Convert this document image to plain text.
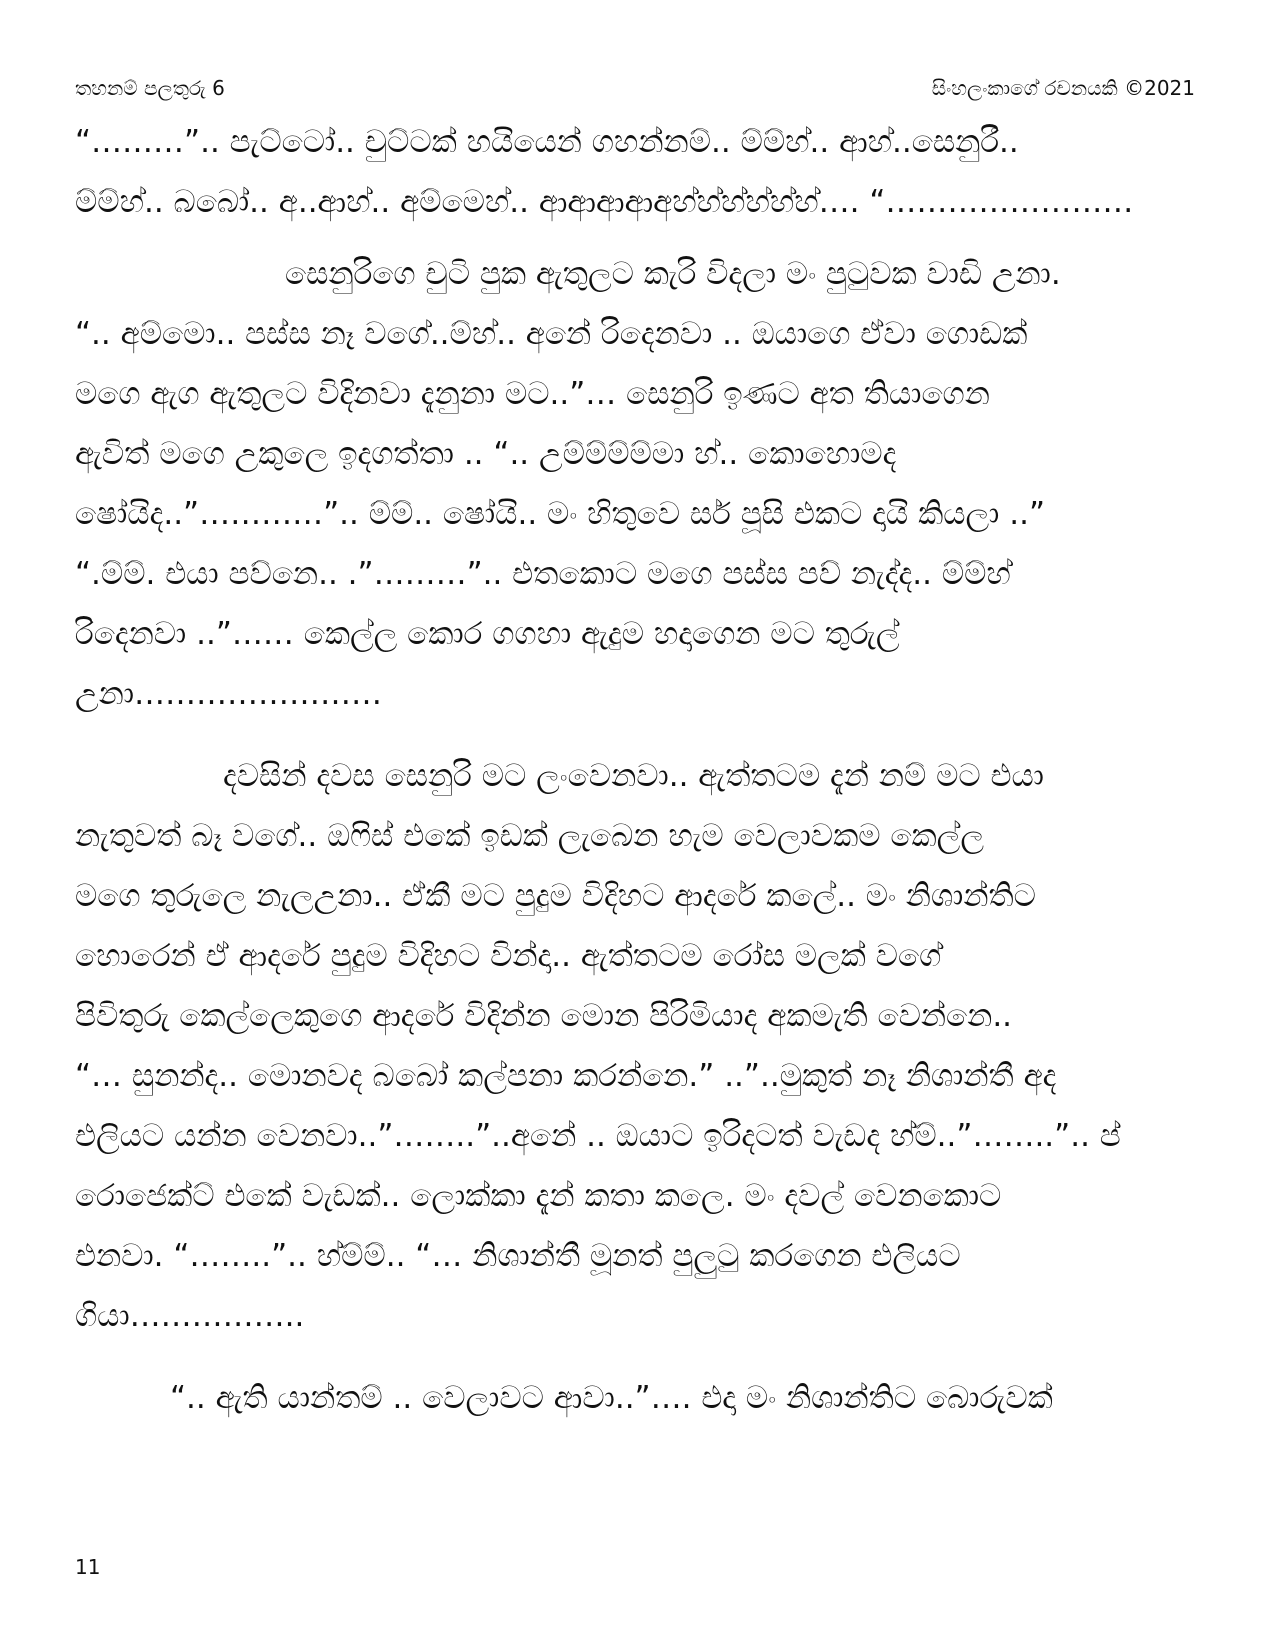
තහනම් පලතුරු 6	සිංහලංකාගේ රචනයකි ©2021
“………”.. පැට්ටෝ.. චුට්ටක් හයියෙන් ගහන්නම්.. ම්ම්හ්.. ආහ්..සෙනුරී..
ම්ම්හ්.. බබෝ.. අ..ආහ්.. අම්මෙහ්.. ආආආආඅහ්හ්හ්හ්හ්හ්…. “……………………
සෙනුරිගෙ චුටි පුක ඇතුලට කැරි විදලා මං පුටුවක වාඩි උනා.
“.. අම්මො.. පස්ස නෑ වගේ..ම්හ්.. අනේ රිදෙනවා .. ඔයාගෙ ඒවා ගොඩක්
මගෙ ඇග ඇතුලට විදිනවා දැනුනා මට..”… සෙනුරි ඉණට අත තියාගෙන
ඇවිත් මගෙ උකුලෙ ඉදගත්තා .. “.. උම්ම්ම්ම්මා හ්.. කොහොමද
ෂෝයිද..”…………”.. ම්ම්.. ෂෝයි.. මං හිතුවෙ සර් පූසි එකට දායි කියලා ..”
“.ම්ම්. එයා පව්නෙ.. .”………”.. එතකොට මගෙ පස්ස පව් නැද්ද.. ම්ම්හ්
රිදෙනවා ..”…… කෙල්ල කොර ගගහා ඇදුම හදාගෙන මට තුරුල්
උනා……………………
දවසින් දවස සෙනුරි මට ලංවෙනවා.. ඇත්තටම දැන් නම් මට එයා
නැතුවත් බෑ වගේ.. ඔෆිස් එකේ ඉඩක් ලැබෙන හැම වෙලාවකම කෙල්ල
මගෙ තුරුලෙ නැලඋනා.. ඒකී මට පුදුම විදිහට ආදරේ කලේ.. මං නිශාන්තිට
හොරෙන් ඒ ආදරේ පුදුම විදිහට වින්දා.. ඇත්තටම රෝස මලක් වගේ
පිවිතුරු කෙල්ලෙකුගෙ ආදරේ විදින්න මොන පිරිමියාද අකමැති වෙන්නෙ..
“… සුනන්ද.. මොනවද බබෝ කල්පනා කරන්නෙ.” ..”..මුකුත් නෑ නිශාන්තී අද
එලියට යන්න වෙනවා..”……..”..අනේ .. ඔයාට ඉරිදටත් වැඩද හ්ම්..”……..”.. ප්
රොජෙක්ට් එකේ වැඩක්.. ලොක්කා දැන් කතා කලෙ. මං දවල් වෙනකොට
එනවා. “……..”.. හ්ම්ම්.. “… නිශාන්තී මූනත් පුලුටු කරගෙන එලියට
ගියා……………..
“.. ඇති යාන්තම් .. වෙලාවට ආවා..”…. එදා මං නිශාන්තිට බොරුවක්
11
